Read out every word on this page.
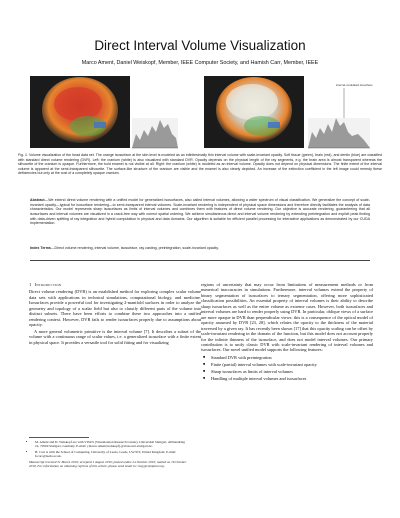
Direct Interval Volume Visualization
Marco Ament, Daniel Weiskopf, Member, IEEE Computer Society, and Hamish Carr, Member, IEEE
interval-modulated isosurface
Fig. 1. Volume visualization of the head data set. The orange isosurface at the skin level is modeled as an infinitesimally thin interval volume with scale-invariant opacity. Soft tissue (green), brain (red), and dentin (blue) are classified with standard direct volume rendering (DVR). Left: the cranium (white) is also visualized with standard DVR. Opacity depends on the physical length of the ray segments, e.g. the brain area is almost transparent whereas the silhouette of the cranium is opaque. Furthermore, the bold enamel is not visible at all. Right: the cranium (white) is modeled as an interval volume. Opacity does not depend on physical dimensions. The finite extent of the interval volume is apparent at the semi-transparent silhouette. The surface-like structure of the cranium are visible and the enamel is also clearly depicted. An increase of the extinction coefficient in the left image could remedy these deficiencies but only at the cost of a completely opaque cranium.
Abstract—We extend direct volume rendering with a unified model for generalized isosurfaces, also called interval volumes, allowing a wider spectrum of visual classification. We generalize the concept of scale-invariant opacity—typical for isosurface rendering—to semi-transparent interval volumes. Scale-invariant rendering is independent of physical space dimensions and therefore directly facilitates the analysis of data characteristics. Our model represents sharp isosurfaces as limits of interval volumes and combines them with features of direct volume rendering. Our objective is accurate rendering, guaranteeing that all isosurfaces and interval volumes are visualized in a crack-free way with correct spatial ordering. We achieve simultaneous direct and interval volume rendering by extending preintegration and explicit peak finding with data-driven splitting of ray integration and hybrid computation in physical and data domains. Our algorithm is suitable for efficient parallel processing for interactive applications as demonstrated by our CUDA implementation.
Index Terms—Direct volume rendering, interval volume, isosurface, ray casting, preintegration, scale-invariant opacity.
1 Introduction

Direct volume rendering (DVR) is an established method for exploring complex scalar volume data sets with applications in technical simulations, computational biology, and medicine. Isosurfaces provide a powerful tool for investigating 2-manifold surfaces in order to analyze the geometry and topology of a scalar field but also to classify different parts of the volume into distinct subsets. There have been efforts to combine these two approaches into a unified rendering context. However, DVR fails to render isosurfaces properly due to assumptions about opacity.

A more general volumetric primitive is the interval volume [7]. It describes a subset of the volume with a continuous range of scalar values, i.e. a generalized isosurface with a finite extent in physical space. It provides a versatile tool for solid fitting and for visualizing

• M. Ament and D. Weiskopf are with VISUS (Visualization Research Center), Universität Stuttgart, Allmandring 19, 70569 Stuttgart, Germany. E-mail: {marco.ament|weiskopf}@visus.uni-stuttgart.de.
• H. Carr is with the School of Computing, University of Leeds, Leeds, LS2 9JT, United Kingdom. E-mail: h.carr@leeds.ac.uk.
Manuscript received 31 March 2010; accepted 1 August 2010; posted online 24 October 2010; mailed on 16 October 2010. For information on obtaining reprints of this article, please send email to: tvcg@computer.org.

regions of uncertainty that may occur from limitations of measurement methods or from numerical inaccuracies in simulations. Furthermore, interval volumes extend the property of binary segmentation of isosurfaces to ternary segmentation, offering more sophisticated classification possibilities. An essential property of interval volumes is their ability to describe sharp isosurfaces as well as the entire volume as extreme cases. However, both isosurfaces and interval volumes are hard to render properly using DVR. In particular, oblique views of a surface are more opaque in DVR than perpendicular views: this is a consequence of the optical model of opacity assumed by DVR [23, 28], which relates the opacity to the thickness of the material traversed by a given ray. It has recently been shown [17] that this opacity scaling can be offset by scale-invariant rendering in the domain of the function, but this model does not account properly for the infinite thinness of the isosurface, and does not model interval volumes. Our primary contribution is to unify classic DVR with scale-invariant rendering of interval volumes and isosurfaces. Our novel unified model supports the following features:

■ Standard DVR with preintegration
■ Finite (partial) interval volumes with scale-invariant opacity
■ Sharp isosurfaces as limits of interval volumes
■ Handling of multiple interval volumes and isosurfaces
